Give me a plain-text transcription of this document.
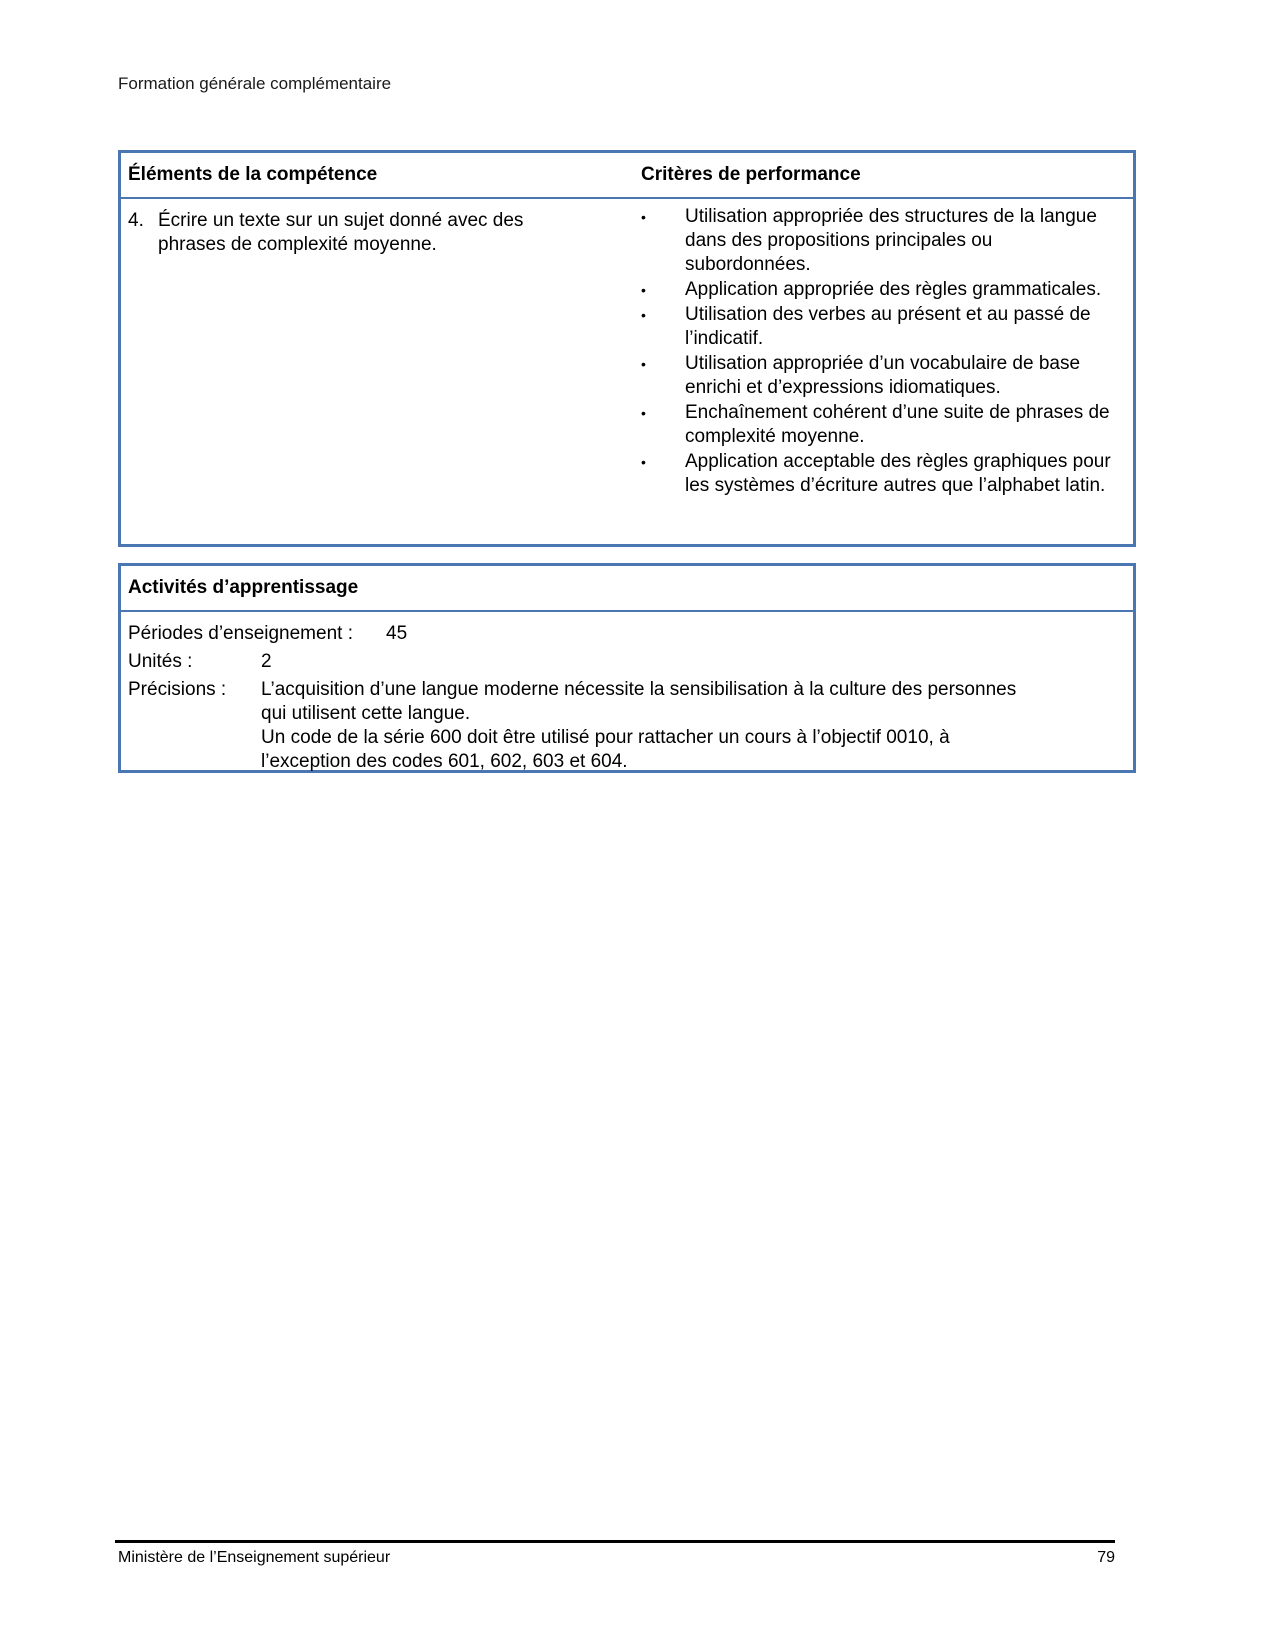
Formation générale complémentaire
Éléments de la compétence	Critères de performance
4. Écrire un texte sur un sujet donné avec des phrases de complexité moyenne.
•	Utilisation appropriée des structures de la langue dans des propositions principales ou subordonnées.
•	Application appropriée des règles grammaticales.
•	Utilisation des verbes au présent et au passé de l’indicatif.
•	Utilisation appropriée d’un vocabulaire de base enrichi et d’expressions idiomatiques.
•	Enchaînement cohérent d’une suite de phrases de complexité moyenne.
•	Application acceptable des règles graphiques pour les systèmes d’écriture autres que l’alphabet latin.
Activités d’apprentissage
Périodes d’enseignement :	45
Unités :	2
Précisions :	L’acquisition d’une langue moderne nécessite la sensibilisation à la culture des personnes qui utilisent cette langue.
Un code de la série 600 doit être utilisé pour rattacher un cours à l’objectif 0010, à l’exception des codes 601, 602, 603 et 604.
Ministère de l’Enseignement supérieur	79
